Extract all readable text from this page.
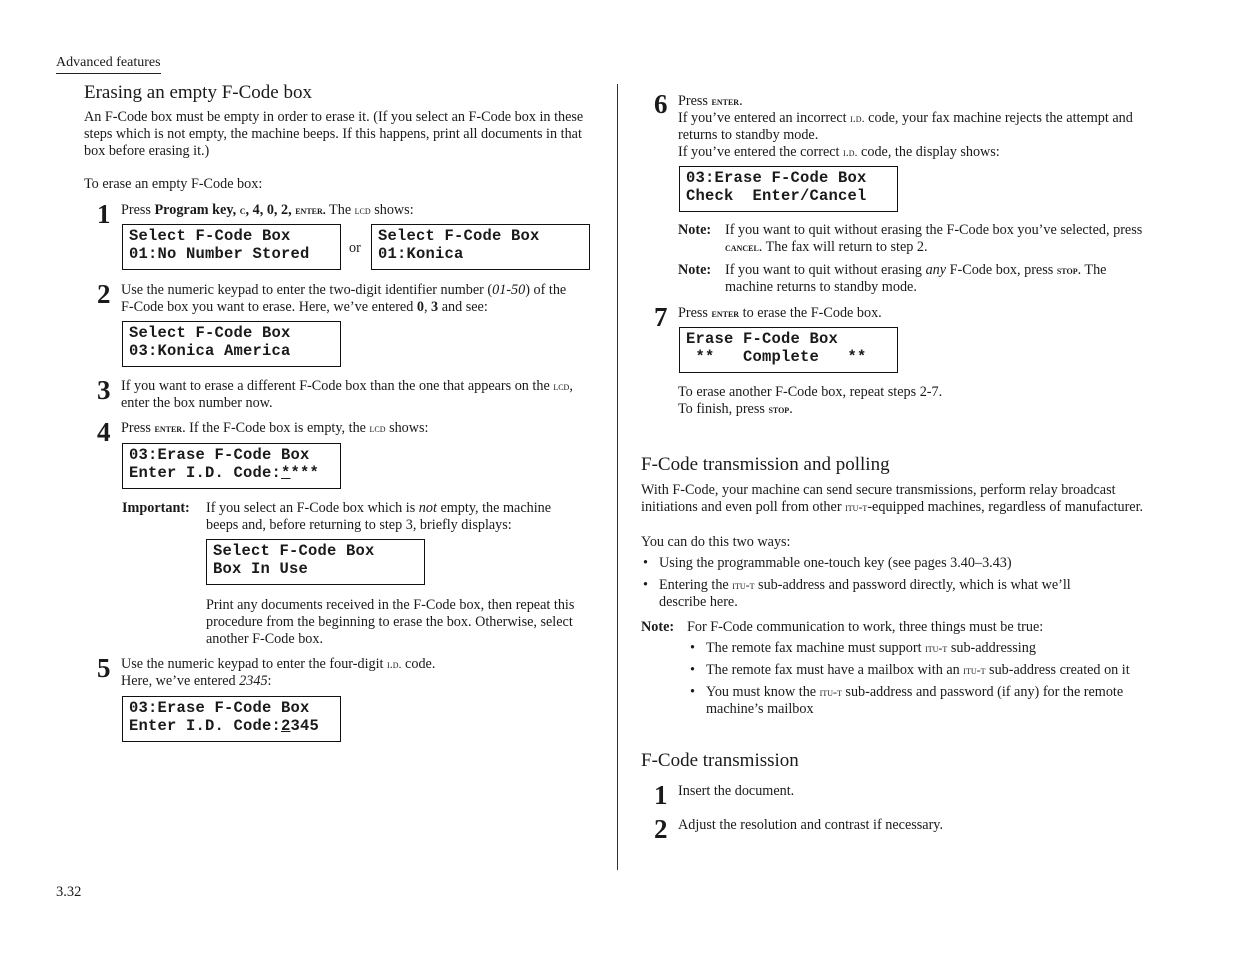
Advanced features
3.32
Erasing an empty F-Code box

An F-Code box must be empty in order to erase it. (If you select an F-Code box in these steps which is not empty, the machine beeps. If this happens, print all documents in that box before erasing it.)

To erase an empty F-Code box:

1 Press Program key, c, 4, 0, 2, enter. The lcd shows:
Select F-Code Box
01:No Number Stored	or
Select F-Code Box
01:Konica
2 Use the numeric keypad to enter the two-digit identifier number (01-50) of the F-Code box you want to erase. Here, we’ve entered 0, 3 and see:
Select F-Code Box
03:Konica America
3 If you want to erase a different F-Code box than the one that appears on the lcd, enter the box number now.
4 Press enter. If the F-Code box is empty, the lcd shows:
03:Erase F-Code Box
Enter I.D. Code:****
Important: If you select an F-Code box which is not empty, the machine beeps and, before returning to step 3, briefly displays:
Select F-Code Box
Box In Use

Print any documents received in the F-Code box, then repeat this procedure from the beginning to erase the box. Otherwise, select another F-Code box.

5 Use the numeric keypad to enter the four-digit i.d. code.
Here, we’ve entered 2345:
03:Erase F-Code Box
Enter I.D. Code:2345
6 Press enter.
If you’ve entered an incorrect i.d. code, your fax machine rejects the attempt and returns to standby mode.
If you’ve entered the correct i.d. code, the display shows:
03:Erase F-Code Box
Check  Enter/Cancel
Note: If you want to quit without erasing the F-Code box you’ve selected, press cancel. The fax will return to step 2.
Note: If you want to quit without erasing any F-Code box, press stop. The machine returns to standby mode.
7 Press enter to erase the F-Code box.
Erase F-Code Box
**   Complete   **
To erase another F-Code box, repeat steps 2-7.
To finish, press stop.
F-Code transmission and polling
With F-Code, your machine can send secure transmissions, perform relay broadcast initiations and even poll from other itu-t-equipped machines, regardless of manufacturer.
You can do this two ways:
• Using the programmable one-touch key (see pages 3.40–3.43)
• Entering the itu-t sub-address and password directly, which is what we’ll describe here.
Note: For F-Code communication to work, three things must be true:
• The remote fax machine must support itu-t sub-addressing
• The remote fax must have a mailbox with an itu-t sub-address created on it
• You must know the itu-t sub-address and password (if any) for the remote machine’s mailbox
F-Code transmission
1 Insert the document.
2 Adjust the resolution and contrast if necessary.
